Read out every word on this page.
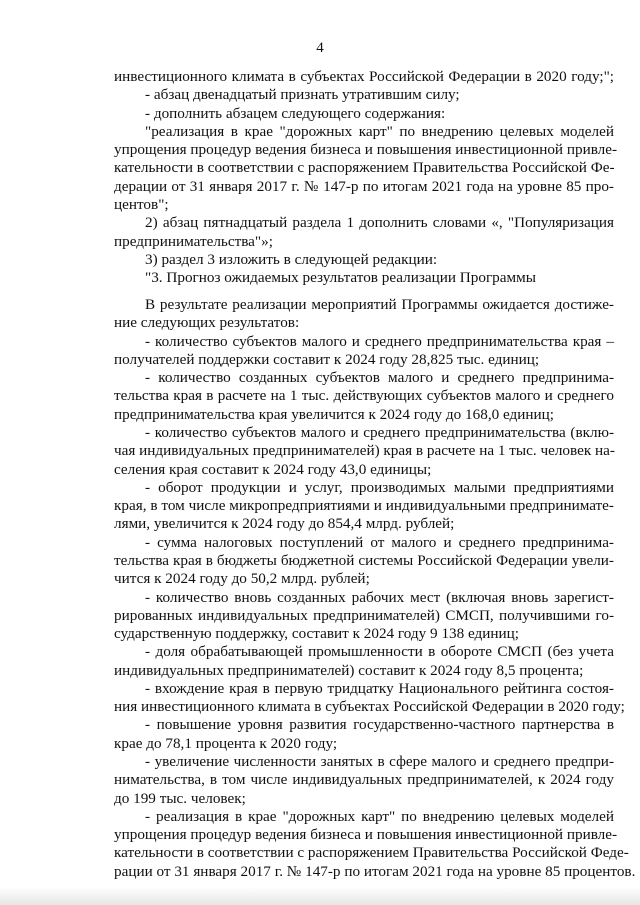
4
инвестиционного климата в субъектах Российской Федерации в 2020 году;";
- абзац двенадцатый признать утратившим силу;
- дополнить абзацем следующего содержания:
"реализация в крае "дорожных карт" по внедрению целевых моделей
упрощения процедур ведения бизнеса и повышения инвестиционной привле-
кательности в соответствии с распоряжением Правительства Российской Фе-
дерации от 31 января 2017 г. № 147-р по итогам 2021 года на уровне 85 про-
центов";
2) абзац пятнадцатый раздела 1 дополнить словами «, "Популяризация
предпринимательства"»;
3) раздел 3 изложить в следующей редакции:
"3. Прогноз ожидаемых результатов реализации Программы
В результате реализации мероприятий Программы ожидается достиже-
ние следующих результатов:
- количество субъектов малого и среднего предпринимательства края –
получателей поддержки составит к 2024 году 28,825 тыс. единиц;
- количество созданных субъектов малого и среднего предпринима-
тельства края в расчете на 1 тыс. действующих субъектов малого и среднего
предпринимательства края увеличится к 2024 году до 168,0 единиц;
- количество субъектов малого и среднего предпринимательства (вклю-
чая индивидуальных предпринимателей) края в расчете на 1 тыс. человек на-
селения края составит к 2024 году 43,0 единицы;
- оборот продукции и услуг, производимых малыми предприятиями
края, в том числе микропредприятиями и индивидуальными предпринимате-
лями, увеличится к 2024 году до 854,4 млрд. рублей;
- сумма налоговых поступлений от малого и среднего предпринима-
тельства края в бюджеты бюджетной системы Российской Федерации увели-
чится к 2024 году до 50,2 млрд. рублей;
- количество вновь созданных рабочих мест (включая вновь зарегист-
рированных индивидуальных предпринимателей) СМСП, получившими го-
сударственную поддержку, составит к 2024 году 9 138 единиц;
- доля обрабатывающей промышленности в обороте СМСП (без учета
индивидуальных предпринимателей) составит к 2024 году 8,5 процента;
- вхождение края в первую тридцатку Национального рейтинга состоя-
ния инвестиционного климата в субъектах Российской Федерации в 2020 году;
- повышение уровня развития государственно-частного партнерства в
крае до 78,1 процента к 2020 году;
- увеличение численности занятых в сфере малого и среднего предпри-
нимательства, в том числе индивидуальных предпринимателей, к 2024 году
до 199 тыс. человек;
- реализация в крае "дорожных карт" по внедрению целевых моделей
упрощения процедур ведения бизнеса и повышения инвестиционной привле-
кательности в соответствии с распоряжением Правительства Российской Феде-
рации от 31 января 2017 г. № 147-р по итогам 2021 года на уровне 85 процентов.
